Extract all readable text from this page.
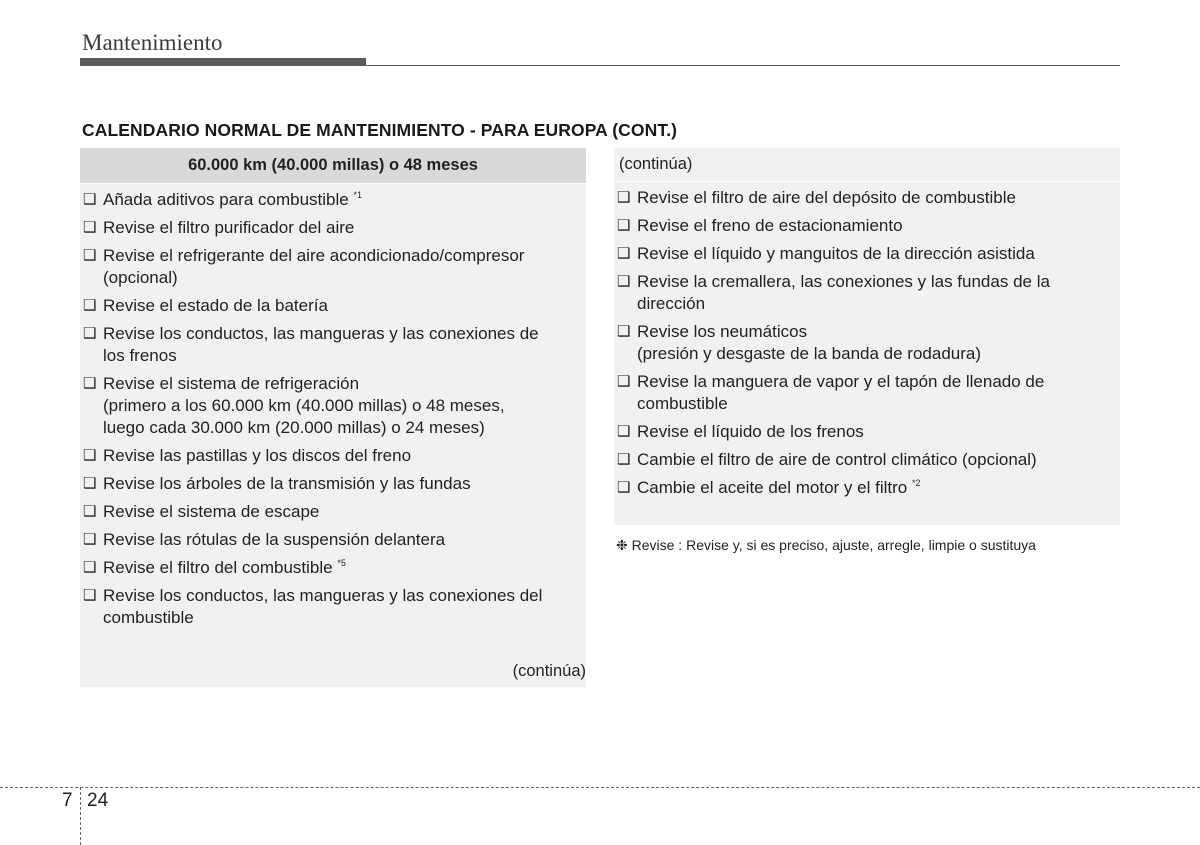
Mantenimiento
CALENDARIO NORMAL DE MANTENIMIENTO - PARA EUROPA (CONT.)
60.000 km (40.000 millas) o 48 meses
❑ Añada aditivos para combustible $^{*1}$
❑ Revise el filtro purificador del aire
❑ Revise el refrigerante del aire acondicionado/compresor
(opcional)
❑ Revise el estado de la batería
❑ Revise los conductos, las mangueras y las conexiones de
los frenos
❑ Revise el sistema de refrigeración
(primero a los 60.000 km (40.000 millas) o 48 meses,
luego cada 30.000 km (20.000 millas) o 24 meses)
❑ Revise las pastillas y los discos del freno
❑ Revise los árboles de la transmisión y las fundas
❑ Revise el sistema de escape
❑ Revise las rótulas de la suspensión delantera
❑ Revise el filtro del combustible $^{*5}$
❑ Revise los conductos, las mangueras y las conexiones del
combustible
(continúa)
(continúa)
❑ Revise el filtro de aire del depósito de combustible
❑ Revise el freno de estacionamiento
❑ Revise el líquido y manguitos de la dirección asistida
❑ Revise la cremallera, las conexiones y las fundas de la
dirección
❑ Revise los neumáticos
(presión y desgaste de la banda de rodadura)
❑ Revise la manguera de vapor y el tapón de llenado de
combustible
❑ Revise el líquido de los frenos
❑ Cambie el filtro de aire de control climático (opcional)
❑ Cambie el aceite del motor y el filtro $^{*2}$
❉ Revise : Revise y, si es preciso, ajuste, arregle, limpie o sustituya
7 24
